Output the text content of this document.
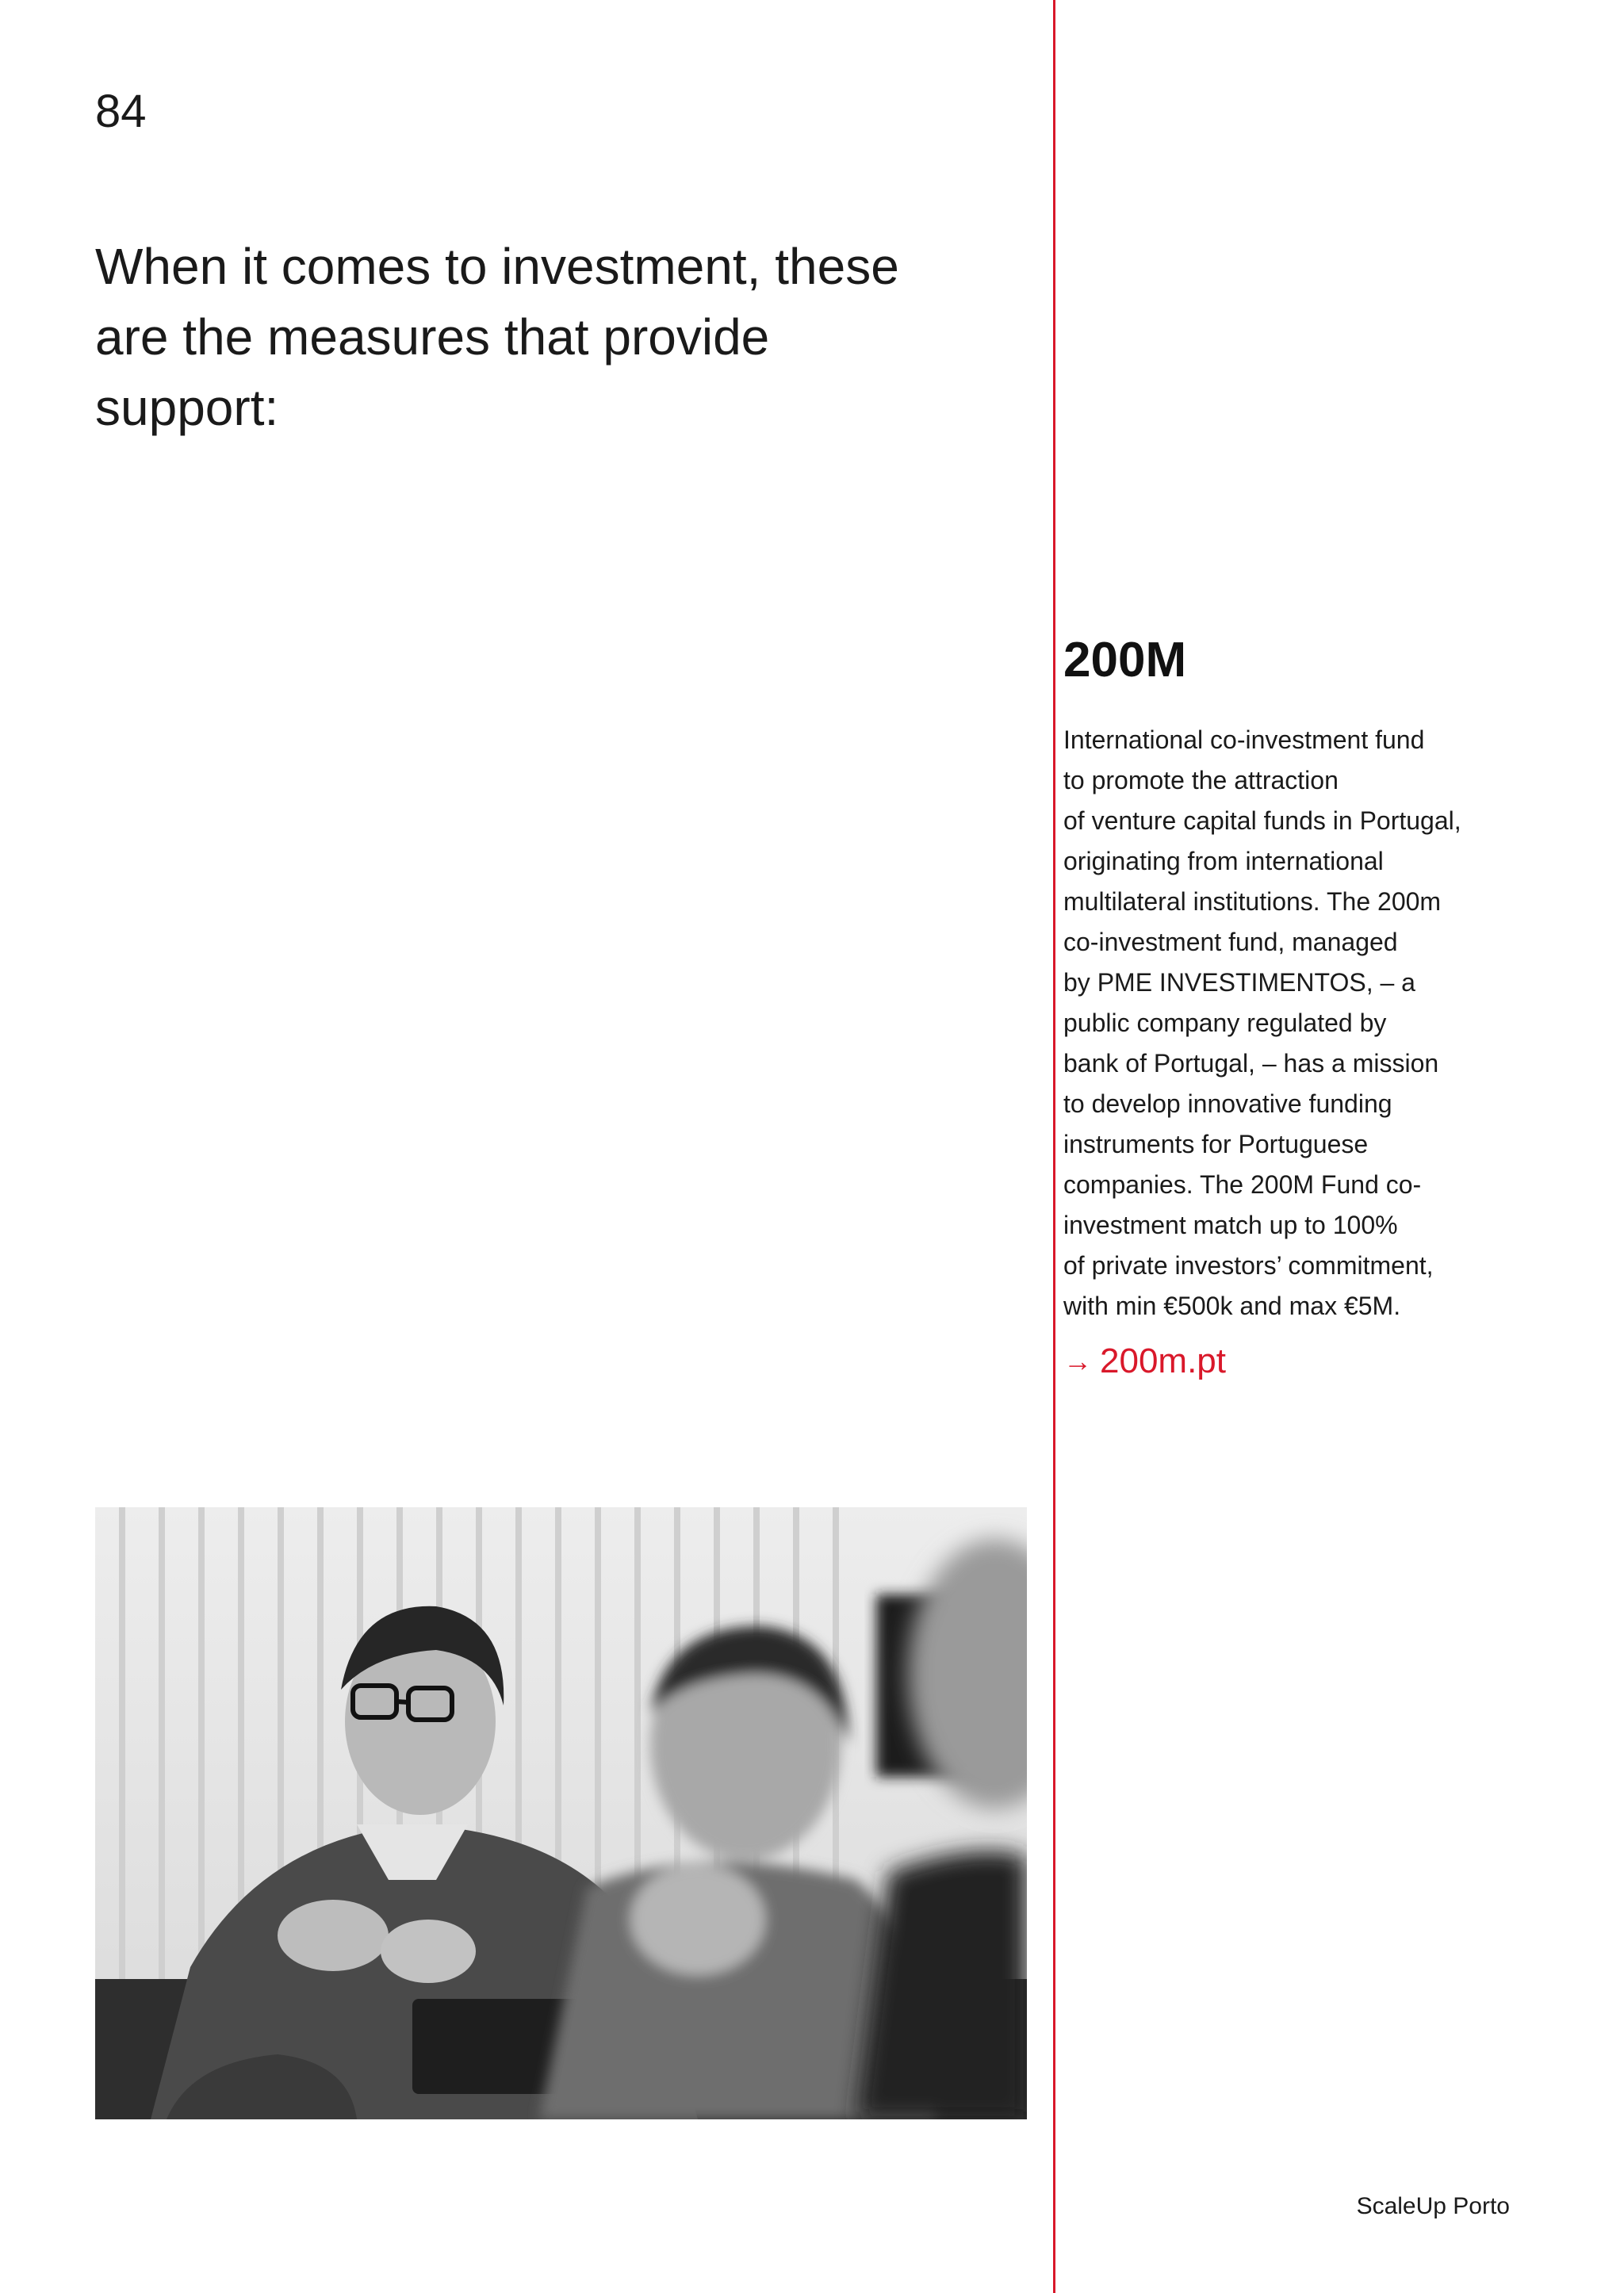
84
When it comes to investment, these are the measures that provide support:
200M
International co-investment fund
to promote the attraction
of venture capital funds in Portugal,
originating from international
multilateral institutions. The 200m
co-investment fund, managed
by PME INVESTIMENTOS, – a
public company regulated by
bank of Portugal, – has a mission
to develop innovative funding
instruments for Portuguese
companies. The 200M Fund co-
investment match up to 100%
of private investors’ commitment,
with min €500k and max €5M.
→ 200m.pt
ScaleUp Porto
